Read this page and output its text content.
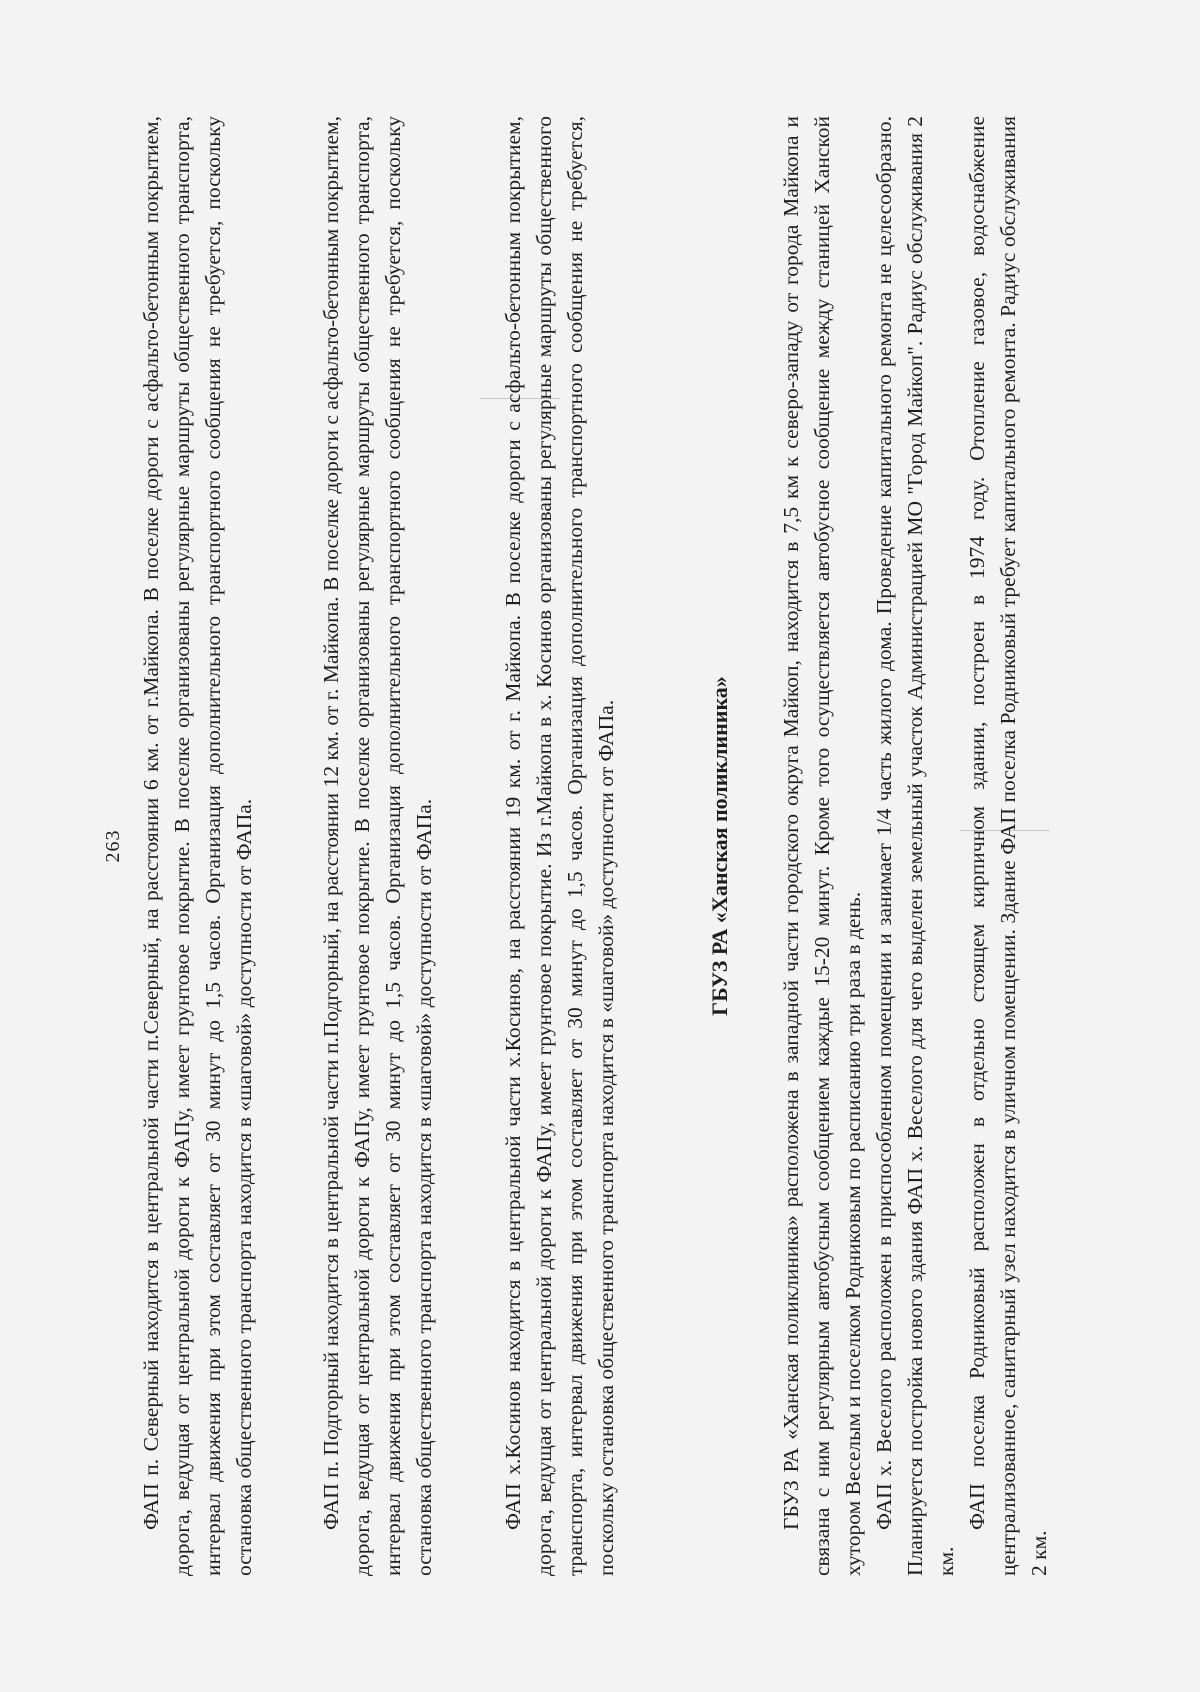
263 ФАП п. Северный находится в центральной части п.Северный, на расстоянии 6 км. от г.Майкопа. В поселке дороги с асфальто-бетонным покрытием, дорога, ведущая от центральной дороги к ФАПу, имеет грунтовое покрытие. В поселке организованы регулярные маршруты общественного транспорта, интервал движения при этом составляет от 30 минут до 1,5 часов. Организация дополнительного транспортного сообщения не требуется, поскольку остановка общественного транспорта находится в «шаговой» доступности от ФАПа.	ФАП п. Подгорный находится в центральной части п.Подгорный, на расстоянии 12 км. от г. Майкопа. В поселке дороги с асфальто-бетонным покрытием, дорога, ведущая от центральной дороги к ФАПу, имеет грунтовое покрытие. В поселке организованы регулярные маршруты общественного транспорта, интервал движения при этом составляет от 30 минут до 1,5 часов. Организация дополнительного транспортного сообщения не требуется, поскольку остановка общественного транспорта находится в «шаговой» доступности от ФАПа.	ФАП х.Косинов находится в центральной части х.Косинов, на расстоянии 19 км. от г. Майкопа. В поселке дороги с асфальто-бетонным покрытием, дорога, ведущая от центральной дороги к ФАПу, имеет грунтовое покрытие. Из г.Майкопа в х. Косинов организованы регулярные маршруты общественного транспорта, интервал движения при этом составляет от 30 минут до 1,5 часов. Организация дополнительного транспортного сообщения не требуется, поскольку остановка общественного транспорта находится в «шаговой» доступности от ФАПа.	ГБУЗ РА «Ханская поликлиника» ГБУЗ РА «Ханская поликлиника» расположена в западной части городского округа Майкоп, находится в 7,5 км к северо-западу от города Майкопа и связана с ним регулярным автобусным сообщением каждые 15-20 минут. Кроме того осуществляется автобусное сообщение между станицей Ханской хутором Веселым и поселком Родниковым по расписанию три раза в день. ФАП х. Веселого расположен в приспособленном помещении и занимает 1/4 часть жилого дома. Проведение капитального ремонта не целесообразно. Планируется постройка нового здания ФАП х. Веселого для чего выделен земельный участок Администрацией МО "Город Майкоп". Радиус обслуживания 2 км.

ФАП поселка Родниковый расположен в отдельно стоящем кирпичном здании, построен в 1974 году. Отопление газовое, водоснабжение централизованное, санитарный узел находится в уличном помещении. Здание ФАП поселка Родниковый требует капитального ремонта. Радиус обслуживания 2 км.
